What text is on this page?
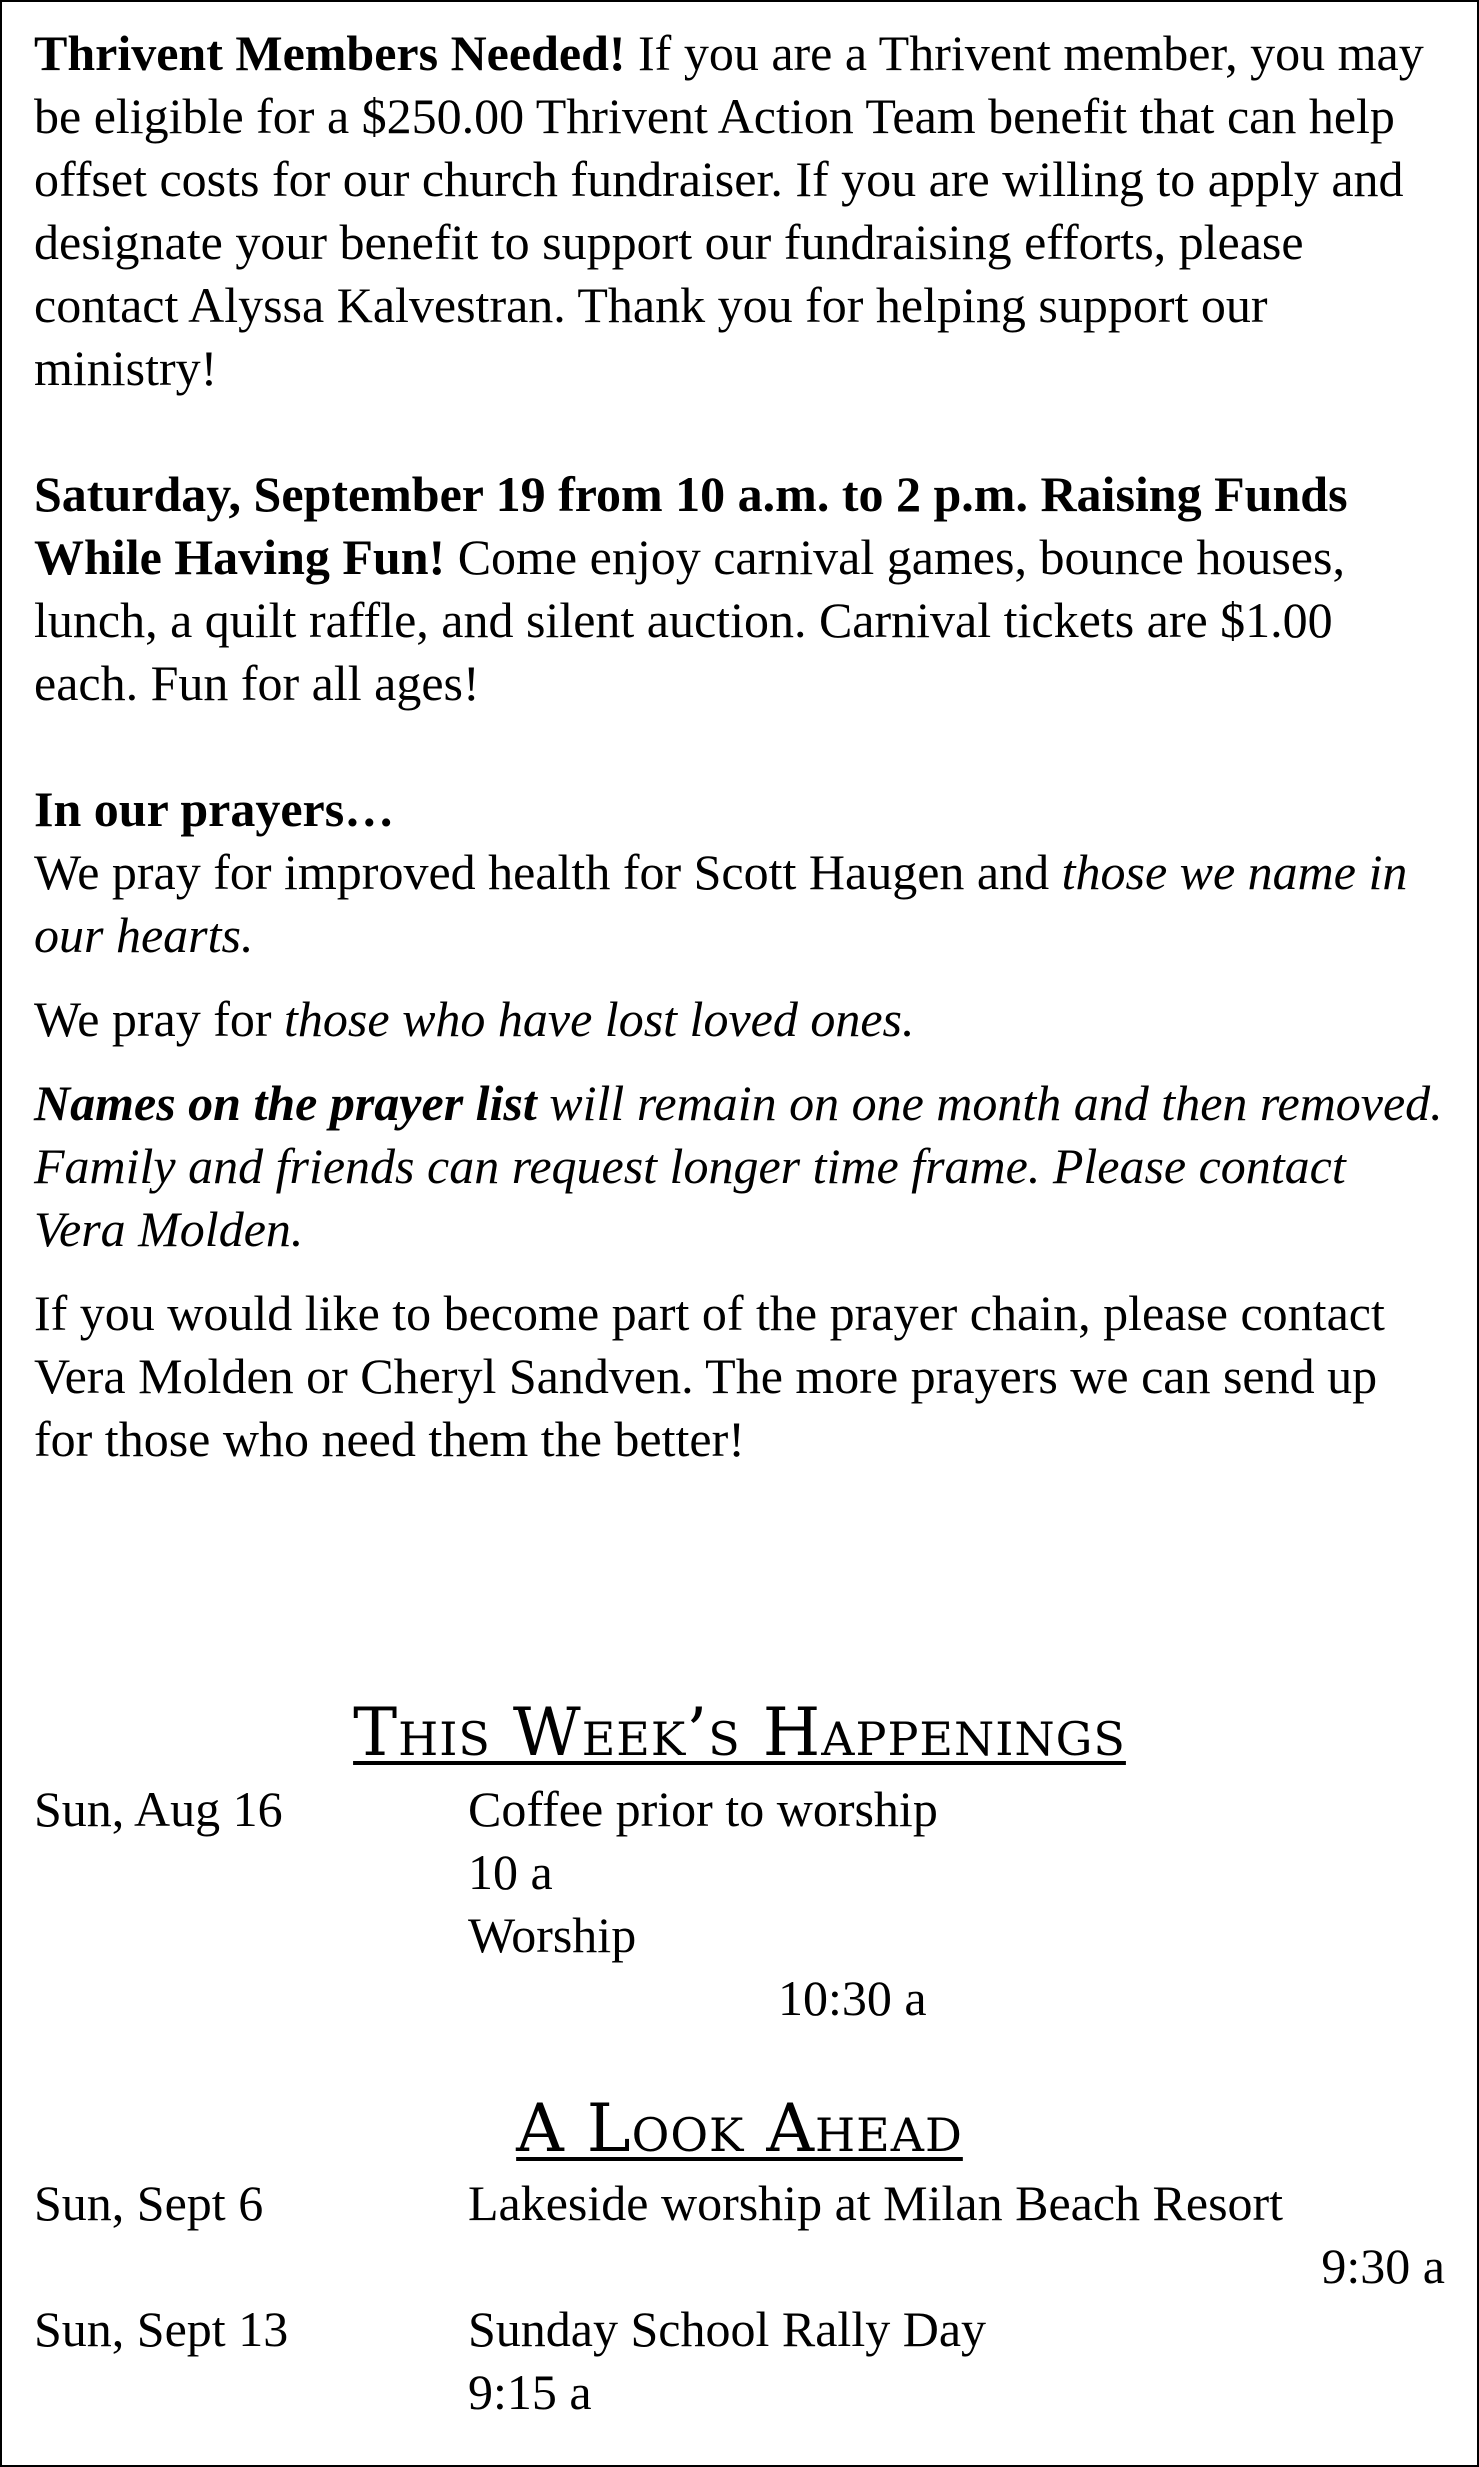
Thrivent Members Needed! If you are a Thrivent member, you may be eligible for a $250.00 Thrivent Action Team benefit that can help offset costs for our church fundraiser. If you are willing to apply and designate your benefit to support our fundraising efforts, please contact Alyssa Kalvestran. Thank you for helping support our ministry!

Saturday, September 19 from 10 a.m. to 2 p.m. Raising Funds While Having Fun! Come enjoy carnival games, bounce houses, lunch, a quilt raffle, and silent auction. Carnival tickets are $1.00 each. Fun for all ages!

In our prayers…

We pray for improved health for Scott Haugen and those we name in our hearts.

We pray for those who have lost loved ones.

Names on the prayer list will remain on one month and then removed. Family and friends can request longer time frame. Please contact Vera Molden.

If you would like to become part of the prayer chain, please contact Vera Molden or Cheryl Sandven. The more prayers we can send up for those who need them the better!

This Week’s Happenings
Sun, Aug 16	Coffee prior to worship
10 a
Worship
10:30 a
A Look Ahead
Sun, Sept 6	Lakeside worship at Milan Beach Resort
9:30 a
Sun, Sept 13	Sunday School Rally Day
9:15 a
